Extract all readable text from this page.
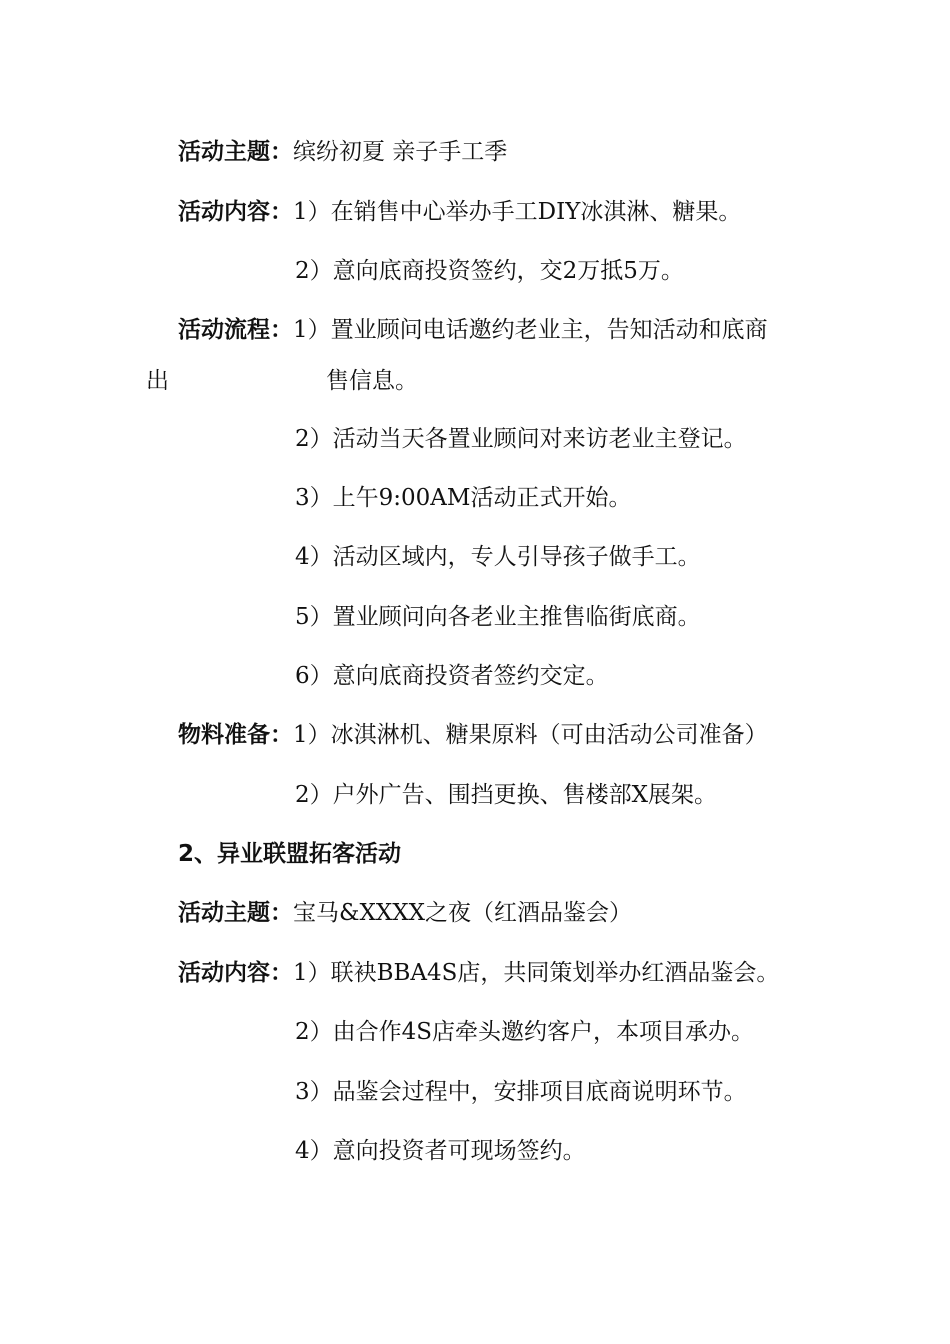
活动主题：缤纷初夏 亲子手工季
活动内容：1）在销售中心举办手工DIY冰淇淋、糖果。
2）意向底商投资签约，交2万抵5万。
活动流程：1）置业顾问电话邀约老业主，告知活动和底商
出	售信息。
2）活动当天各置业顾问对来访老业主登记。
3）上午9:00AM活动正式开始。
4）活动区域内，专人引导孩子做手工。
5）置业顾问向各老业主推售临街底商。
6）意向底商投资者签约交定。
物料准备：1）冰淇淋机、糖果原料（可由活动公司准备）
2）户外广告、围挡更换、售楼部X展架。
2、异业联盟拓客活动
活动主题：宝马&XXXX之夜（红酒品鉴会）
活动内容：1）联袂BBA4S店，共同策划举办红酒品鉴会。
2）由合作4S店牵头邀约客户，本项目承办。
3）品鉴会过程中，安排项目底商说明环节。
4）意向投资者可现场签约。
